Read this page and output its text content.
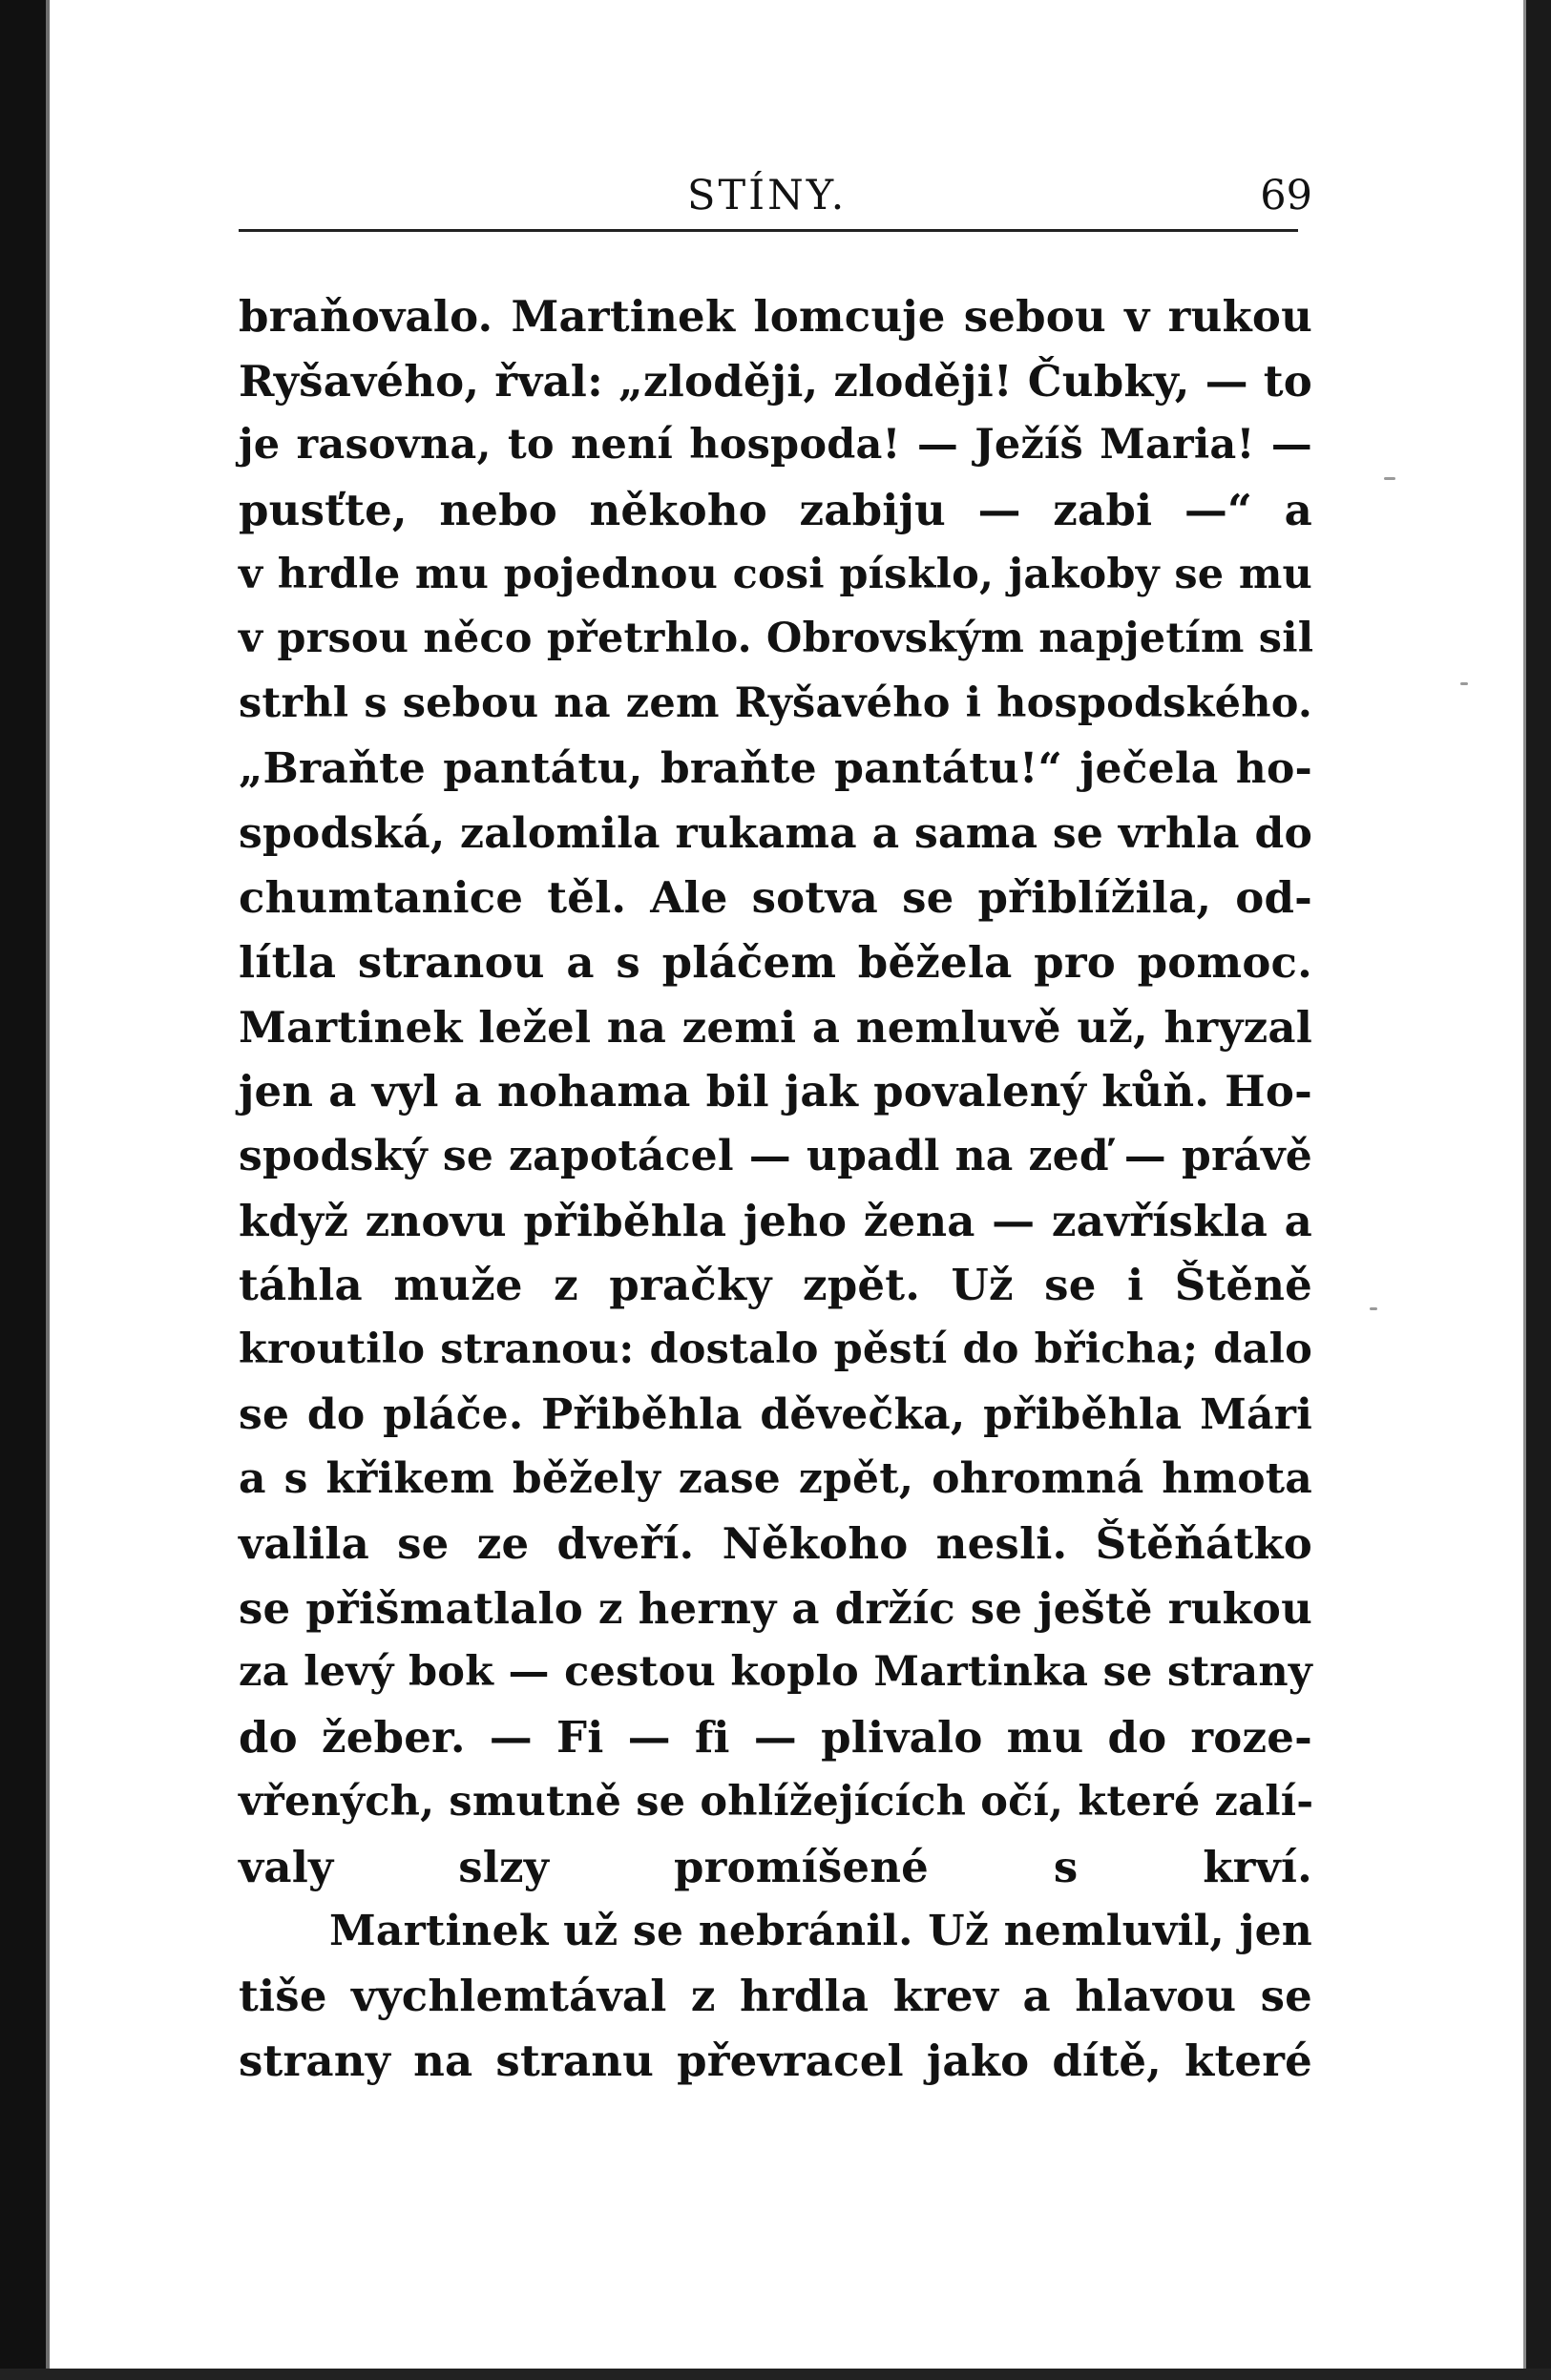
STÍNY.	69
braňovalo. Martinek lomcuje sebou v rukou
Ryšavého, řval: „zloději, zloději! Čubky, — to
je rasovna, to není hospoda! — Ježíš Maria! —
pusťte, nebo někoho zabiju — zabi —“ a
v hrdle mu pojednou cosi písklo, jakoby se mu
v prsou něco přetrhlo. Obrovským napjetím sil
strhl s sebou na zem Ryšavého i hospodského.
„Braňte pantátu, braňte pantátu!“ ječela ho-
spodská, zalomila rukama a sama se vrhla do
chumtanice těl. Ale sotva se přiblížila, od-
lítla stranou a s pláčem běžela pro pomoc.
Martinek ležel na zemi a nemluvě už, hryzal
jen a vyl a nohama bil jak povalený kůň. Ho-
spodský se zapotácel — upadl na zeď — právě
když znovu přiběhla jeho žena — zavřískla a
táhla muže z pračky zpět. Už se i Štěně
kroutilo stranou: dostalo pěstí do břicha; dalo
se do pláče. Přiběhla děvečka, přiběhla Mári
a s křikem běžely zase zpět, ohromná hmota
valila se ze dveří. Někoho nesli. Štěňátko
se přišmatlalo z herny a držíc se ještě rukou
za levý bok — cestou koplo Martinka se strany
do žeber. — Fi — fi — plivalo mu do roze-
vřených, smutně se ohlížejících očí, které zalí-
valy slzy promíšené s krví.
Martinek už se nebránil. Už nemluvil, jen
tiše vychlemtával z hrdla krev a hlavou se
strany na stranu převracel jako dítě, které
